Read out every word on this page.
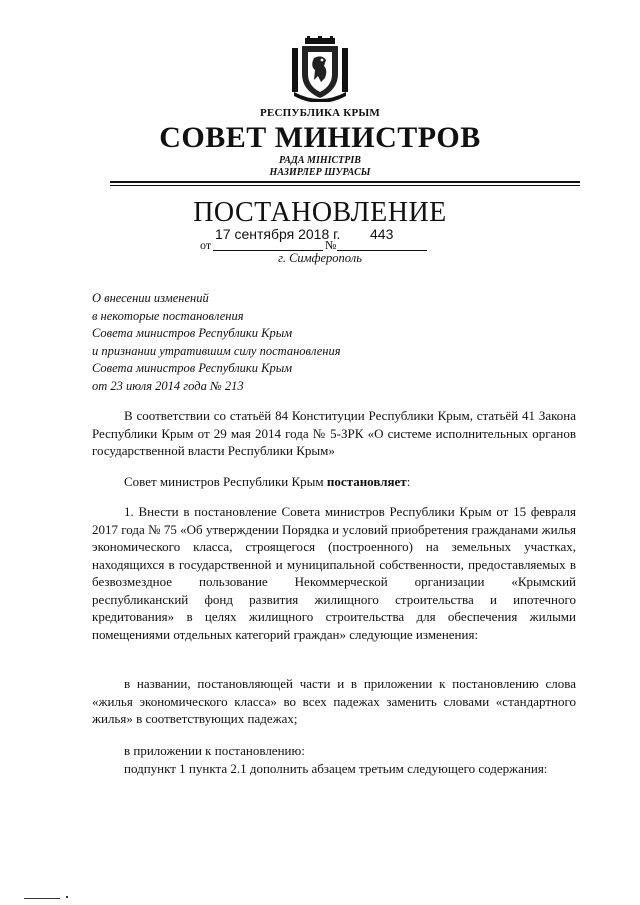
РЕСПУБЛИКА КРЫМ
СОВЕТ МИНИСТРОВ
РАДА МІНІСТРІВ
НАЗИРЛЕР ШУРАСЫ
ПОСТАНОВЛЕНИЕ
17 сентября 2018 г. 443
от	№
г. Симферополь
О внесении изменений
в некоторые постановления
Совета министров Республики Крым
и признании утратившим силу постановления
Совета министров Республики Крым
от 23 июля 2014 года № 213
В соответствии со статьёй 84 Конституции Республики Крым, статьёй 41 Закона Республики Крым от 29 мая 2014 года № 5-ЗРК «О системе исполнительных органов государственной власти Республики Крым»
Совет министров Республики Крым постановляет:
1. Внести в постановление Совета министров Республики Крым от 15 февраля 2017 года № 75 «Об утверждении Порядка и условий приобретения гражданами жилья экономического класса, строящегося (построенного) на земельных участках, находящихся в государственной и муниципальной собственности, предоставляемых в безвозмездное пользование Некоммерческой организации «Крымский республиканский фонд развития жилищного строительства и ипотечного кредитования» в целях жилищного строительства для обеспечения жилыми помещениями отдельных категорий граждан» следующие изменения:
в названии, постановляющей части и в приложении к постановлению слова «жилья экономического класса» во всех падежах заменить словами «стандартного жилья» в соответствующих падежах;
в приложении к постановлению:
подпункт 1 пункта 2.1 дополнить абзацем третьим следующего содержания:
